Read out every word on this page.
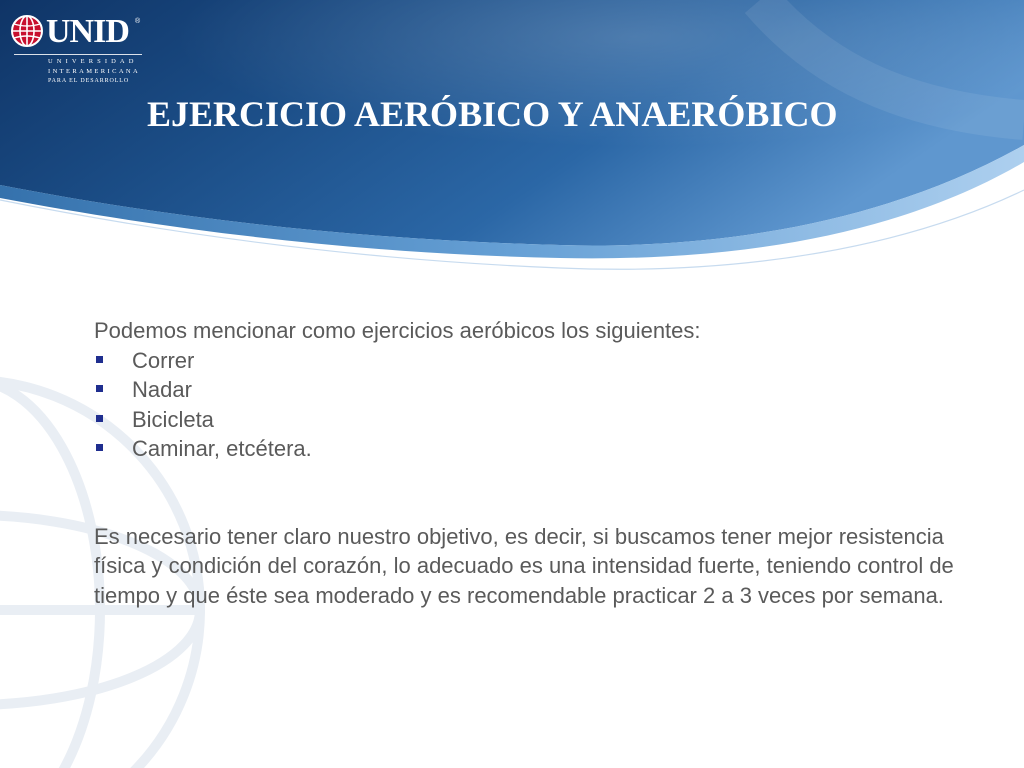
UNID ®
UNIVERSIDAD
INTERAMERICANA
PARA EL DESARROLLO
EJERCICIO AERÓBICO Y ANAERÓBICO

Podemos mencionar como ejercicios aeróbicos los siguientes:

Correr
Nadar
Bicicleta
Caminar, etcétera.

Es necesario tener claro nuestro objetivo, es decir, si buscamos tener mejor resistencia física y condición del corazón, lo adecuado es una intensidad fuerte, teniendo control de tiempo y que éste sea moderado y es recomendable practicar 2 a 3 veces por semana.
